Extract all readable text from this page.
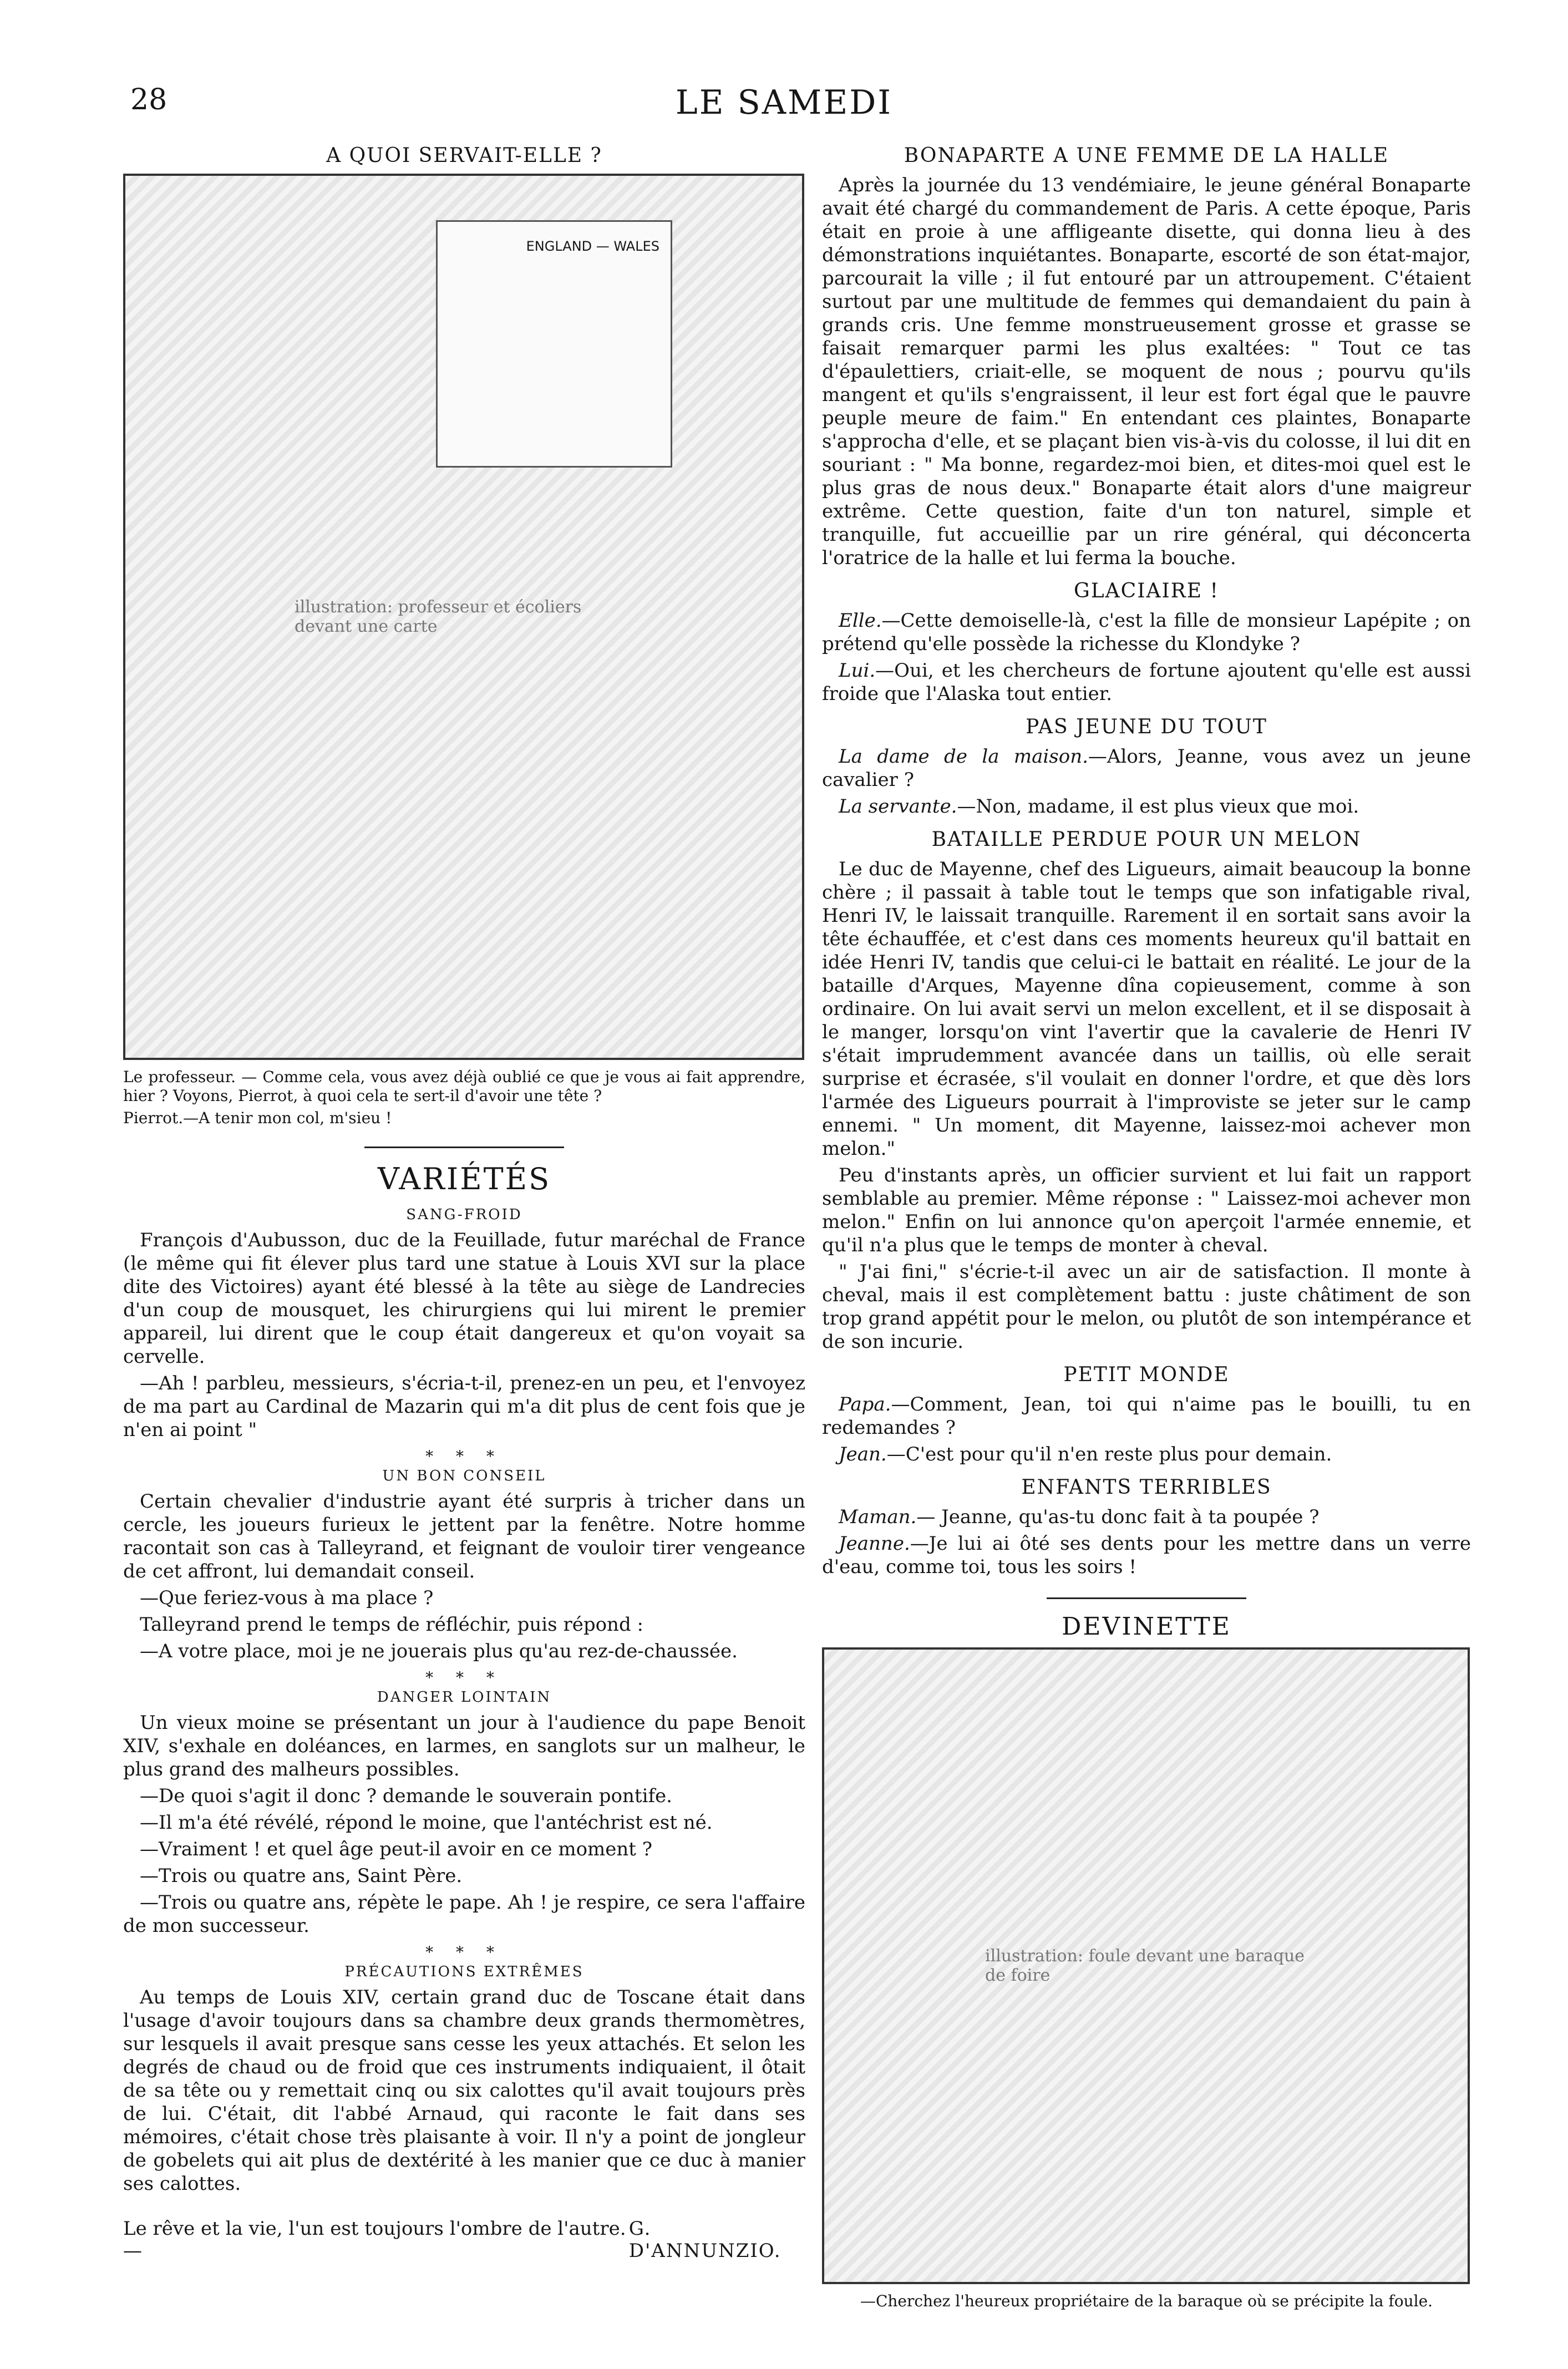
28	LE SAMEDI
A QUOI SERVAIT-ELLE ?
ENGLAND — WALES
illustration: professeur et écoliers devant une carte

Le professeur. — Comme cela, vous avez déjà oublié ce que je vous ai fait apprendre, hier ? Voyons, Pierrot, à quoi cela te sert-il d'avoir une tête ?

Pierrot.—A tenir mon col, m'sieu !

VARIÉTÉS
SANG-FROID

François d'Aubusson, duc de la Feuillade, futur maréchal de France (le même qui fit élever plus tard une statue à Louis XVI sur la place dite des Victoires) ayant été blessé à la tête au siège de Landrecies d'un coup de mousquet, les chirurgiens qui lui mirent le premier appareil, lui dirent que le coup était dangereux et qu'on voyait sa cervelle.

—Ah ! parbleu, messieurs, s'écria-t-il, prenez-en un peu, et l'envoyez de ma part au Cardinal de Mazarin qui m'a dit plus de cent fois que je n'en ai point "

* * *
UN BON CONSEIL

Certain chevalier d'industrie ayant été surpris à tricher dans un cercle, les joueurs furieux le jettent par la fenêtre. Notre homme racontait son cas à Talleyrand, et feignant de vouloir tirer vengeance de cet affront, lui demandait conseil.

—Que feriez-vous à ma place ?

Talleyrand prend le temps de réfléchir, puis répond :

—A votre place, moi je ne jouerais plus qu'au rez-de-chaussée.

* * *
DANGER LOINTAIN

Un vieux moine se présentant un jour à l'audience du pape Benoit XIV, s'exhale en doléances, en larmes, en sanglots sur un malheur, le plus grand des malheurs possibles.

—De quoi s'agit il donc ? demande le souverain pontife.

—Il m'a été révélé, répond le moine, que l'antéchrist est né.

—Vraiment ! et quel âge peut-il avoir en ce moment ?

—Trois ou quatre ans, Saint Père.

—Trois ou quatre ans, répète le pape. Ah ! je respire, ce sera l'affaire de mon successeur.

* * *
PRÉCAUTIONS EXTRÊMES

Au temps de Louis XIV, certain grand duc de Toscane était dans l'usage d'avoir toujours dans sa chambre deux grands thermomètres, sur lesquels il avait presque sans cesse les yeux attachés. Et selon les degrés de chaud ou de froid que ces instruments indiquaient, il ôtait de sa tête ou y remettait cinq ou six calottes qu'il avait toujours près de lui. C'était, dit l'abbé Arnaud, qui raconte le fait dans ses mémoires, c'était chose très plaisante à voir. Il n'y a point de jongleur de gobelets qui ait plus de dextérité à les manier que ce duc à manier ses calottes.

Le rêve et la vie, l'un est toujours l'ombre de l'autre.—
G. D'ANNUNZIO.
BONAPARTE A UNE FEMME DE LA HALLE

Après la journée du 13 vendémiaire, le jeune général Bonaparte avait été chargé du commandement de Paris. A cette époque, Paris était en proie à une affligeante disette, qui donna lieu à des démonstrations inquiétantes. Bonaparte, escorté de son état-major, parcourait la ville ; il fut entouré par un attroupement. C'étaient surtout par une multitude de femmes qui demandaient du pain à grands cris. Une femme monstrueusement grosse et grasse se faisait remarquer parmi les plus exaltées: " Tout ce tas d'épaulettiers, criait-elle, se moquent de nous ; pourvu qu'ils mangent et qu'ils s'engraissent, il leur est fort égal que le pauvre peuple meure de faim." En entendant ces plaintes, Bonaparte s'approcha d'elle, et se plaçant bien vis-à-vis du colosse, il lui dit en souriant : " Ma bonne, regardez-moi bien, et dites-moi quel est le plus gras de nous deux." Bonaparte était alors d'une maigreur extrême. Cette question, faite d'un ton naturel, simple et tranquille, fut accueillie par un rire général, qui déconcerta l'oratrice de la halle et lui ferma la bouche.

GLACIAIRE !

Elle.—Cette demoiselle-là, c'est la fille de monsieur Lapépite ; on prétend qu'elle possède la richesse du Klondyke ?

Lui.—Oui, et les chercheurs de fortune ajoutent qu'elle est aussi froide que l'Alaska tout entier.

PAS JEUNE DU TOUT

La dame de la maison.—Alors, Jeanne, vous avez un jeune cavalier ?

La servante.—Non, madame, il est plus vieux que moi.

BATAILLE PERDUE POUR UN MELON

Le duc de Mayenne, chef des Ligueurs, aimait beaucoup la bonne chère ; il passait à table tout le temps que son infatigable rival, Henri IV, le laissait tranquille. Rarement il en sortait sans avoir la tête échauffée, et c'est dans ces moments heureux qu'il battait en idée Henri IV, tandis que celui-ci le battait en réalité. Le jour de la bataille d'Arques, Mayenne dîna copieusement, comme à son ordinaire. On lui avait servi un melon excellent, et il se disposait à le manger, lorsqu'on vint l'avertir que la cavalerie de Henri IV s'était imprudemment avancée dans un taillis, où elle serait surprise et écrasée, s'il voulait en donner l'ordre, et que dès lors l'armée des Ligueurs pourrait à l'improviste se jeter sur le camp ennemi. " Un moment, dit Mayenne, laissez-moi achever mon melon."

Peu d'instants après, un officier survient et lui fait un rapport semblable au premier. Même réponse : " Laissez-moi achever mon melon." Enfin on lui annonce qu'on aperçoit l'armée ennemie, et qu'il n'a plus que le temps de monter à cheval.

" J'ai fini," s'écrie-t-il avec un air de satisfaction. Il monte à cheval, mais il est complètement battu : juste châtiment de son trop grand appétit pour le melon, ou plutôt de son intempérance et de son incurie.

PETIT MONDE

Papa.—Comment, Jean, toi qui n'aime pas le bouilli, tu en redemandes ?

Jean.—C'est pour qu'il n'en reste plus pour demain.

ENFANTS TERRIBLES

Maman.— Jeanne, qu'as-tu donc fait à ta poupée ?

Jeanne.—Je lui ai ôté ses dents pour les mettre dans un verre d'eau, comme toi, tous les soirs !

DEVINETTE
illustration: foule devant une baraque de foire
—Cherchez l'heureux propriétaire de la baraque où se précipite la foule.
